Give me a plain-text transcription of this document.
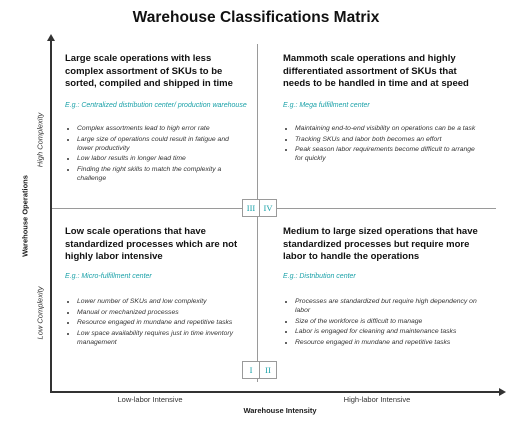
Warehouse Classifications Matrix
Warehouse Operations
High Complexity
Low Complexity
Low-labor Intensive	High-labor Intensive
Warehouse Intensity
Large scale operations with less complex assortment of SKUs to be sorted, compiled and shipped in time
E.g.: Centralized distribution center/ production warehouse
• Complex assortments lead to high error rate
• Large size of operations could result in fatigue and lower productivity
• Low labor results in longer lead time
• Finding the right skills to match the complexity a challenge
Mammoth scale operations and highly differentiated assortment of SKUs that needs to be handled in time and at speed
E.g.: Mega fulfillment center
• Maintaining end-to-end visibility on operations can be a task
• Tracking SKUs and labor both becomes an effort
• Peak season labor requirements become difficult to arrange for quickly
Low scale operations that have standardized processes which are not highly labor intensive
E.g.: Micro-fulfillment center
• Lower number of SKUs and low complexity
• Manual or mechanized processes
• Resource engaged in mundane and repetitive tasks
• Low space availability requires just in time inventory management
Medium to large sized operations that have standardized processes but require more labor to handle the operations
E.g.: Distribution center
• Processes are standardized but require high dependency on labor
• Size of the workforce is difficult to manage
• Labor is engaged for cleaning and maintenance tasks
• Resource engaged in mundane and repetitive tasks
III IV
I	II
